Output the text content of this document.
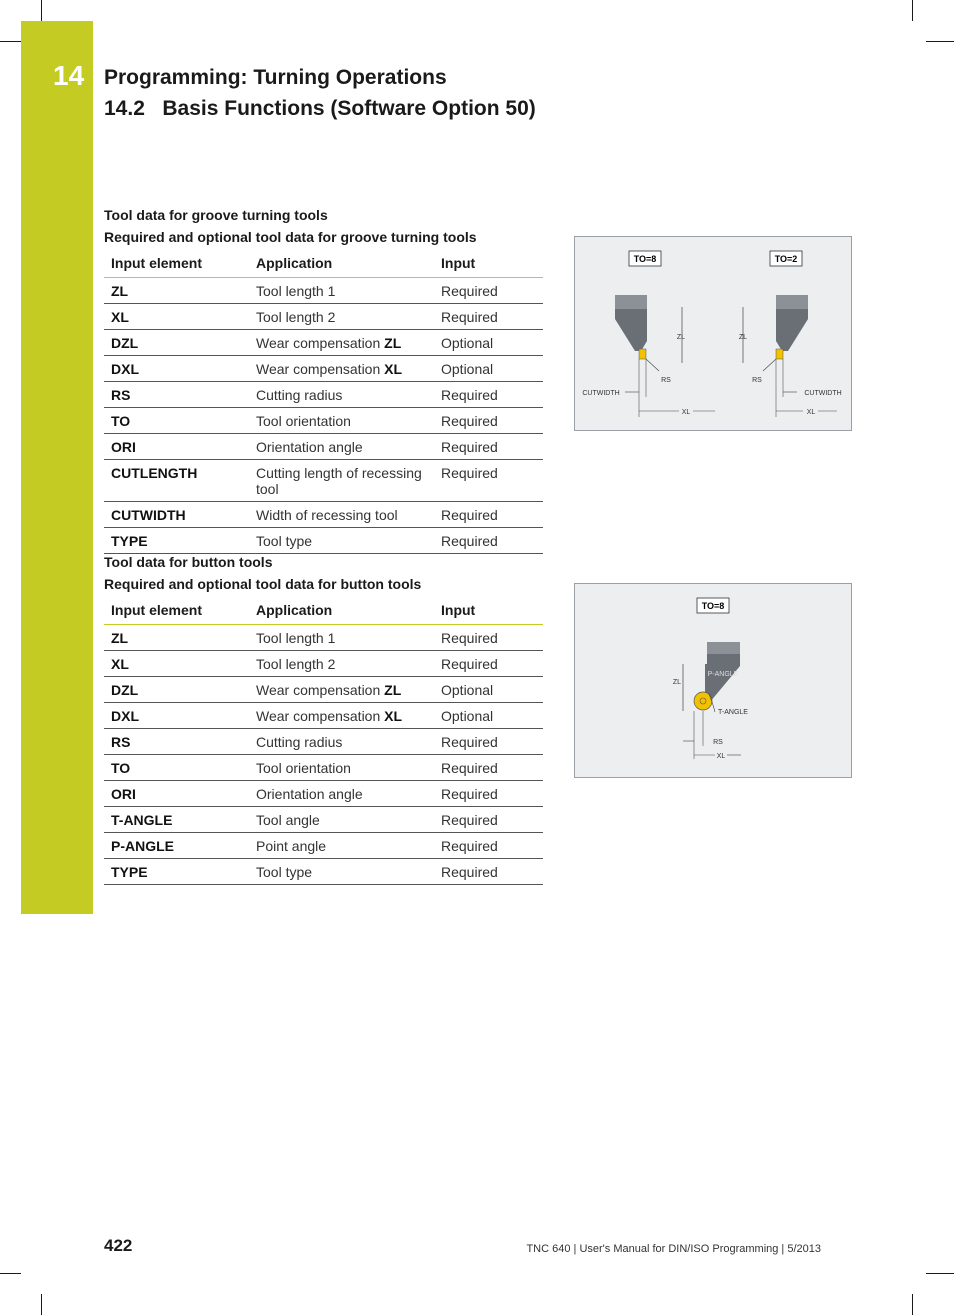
14 Programming: Turning Operations
14.2 Basis Functions (Software Option 50)
Tool data for groove turning tools
Required and optional tool data for groove turning tools
Input element	Application	Input
ZL	Tool length 1	Required
XL	Tool length 2	Required
DZL	Wear compensation ZL	Optional
DXL	Wear compensation XL	Optional
RS	Cutting radius	Required
TO	Tool orientation	Required
ORI	Orientation angle	Required
CUTLENGTH	Cutting length of recessing tool	Required
CUTWIDTH	Width of recessing tool	Required
TYPE	Tool type	Required
TO=8	TO=2
ZL
RS
CUTWIDTH
XL
ZL
RS
CUTWIDTH
XL
Tool data for button tools
Required and optional tool data for button tools
Input element	Application	Input
ZL	Tool length 1	Required
XL	Tool length 2	Required
DZL	Wear compensation ZL	Optional
DXL	Wear compensation XL	Optional
RS	Cutting radius	Required
TO	Tool orientation	Required
ORI	Orientation angle	Required
T-ANGLE	Tool angle	Required
P-ANGLE	Point angle	Required
TYPE	Tool type	Required
TO=8
P-ANGLE
ZL
T-ANGLE
RS
XL
422	TNC 640 | User's Manual for DIN/ISO Programming | 5/2013
